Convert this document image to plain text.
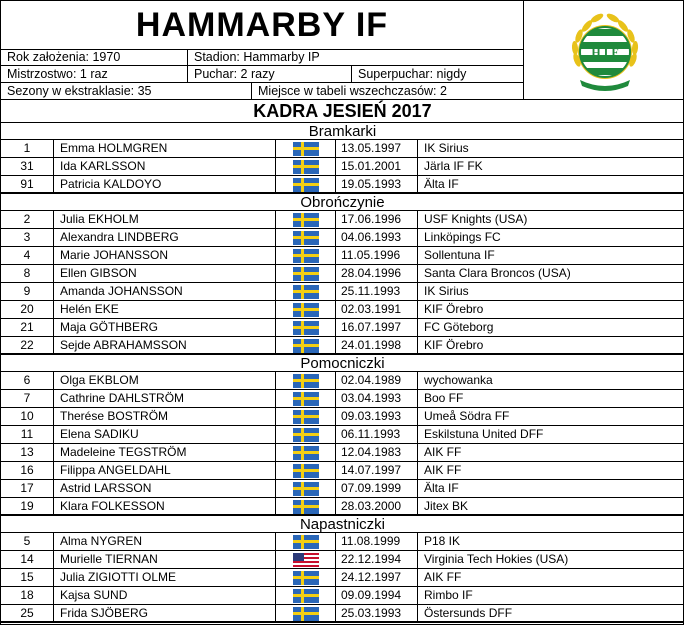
HAMMARBY IF
H I F
Rok założenia: 1970	Stadion: Hammarby IP
Mistrzostwo: 1 raz	Puchar: 2 razy	Superpuchar: nigdy
Sezony w ekstraklasie: 35	Miejsce w tabeli wszechczasów: 2
KADRA JESIEŃ 2017
Bramkarki
1	Emma HOLMGREN	13.05.1997	IK Sirius
31	Ida KARLSSON	15.01.2001	Järla IF FK
91	Patricia KALDOYO	19.05.1993	Älta IF
Obrończynie
2	Julia EKHOLM	17.06.1996	USF Knights (USA)
3	Alexandra LINDBERG	04.06.1993	Linköpings FC
4	Marie JOHANSSON	11.05.1996	Sollentuna IF
8	Ellen GIBSON	28.04.1996	Santa Clara Broncos (USA)
9	Amanda JOHANSSON	25.11.1993	IK Sirius
20	Helén EKE	02.03.1991	KIF Örebro
21	Maja GÖTHBERG	16.07.1997	FC Göteborg
22	Sejde ABRAHAMSSON	24.01.1998	KIF Örebro
Pomocniczki
6	Olga EKBLOM	02.04.1989	wychowanka
7	Cathrine DAHLSTRÖM	03.04.1993	Boo FF
10	Therése BOSTRÖM	09.03.1993	Umeå Södra FF
11	Elena SADIKU	06.11.1993	Eskilstuna United DFF
13	Madeleine TEGSTRÖM	12.04.1983	AIK FF
16	Filippa ANGELDAHL	14.07.1997	AIK FF
17	Astrid LARSSON	07.09.1999	Älta IF
19	Klara FOLKESSON	28.03.2000	Jitex BK
Napastniczki
5	Alma NYGREN	11.08.1999	P18 IK
14	Murielle TIERNAN	22.12.1994	Virginia Tech Hokies (USA)
15	Julia ZIGIOTTI OLME	24.12.1997	AIK FF
18	Kajsa SUND	09.09.1994	Rimbo IF
25	Frida SJÖBERG	25.03.1993	Östersunds DFF
